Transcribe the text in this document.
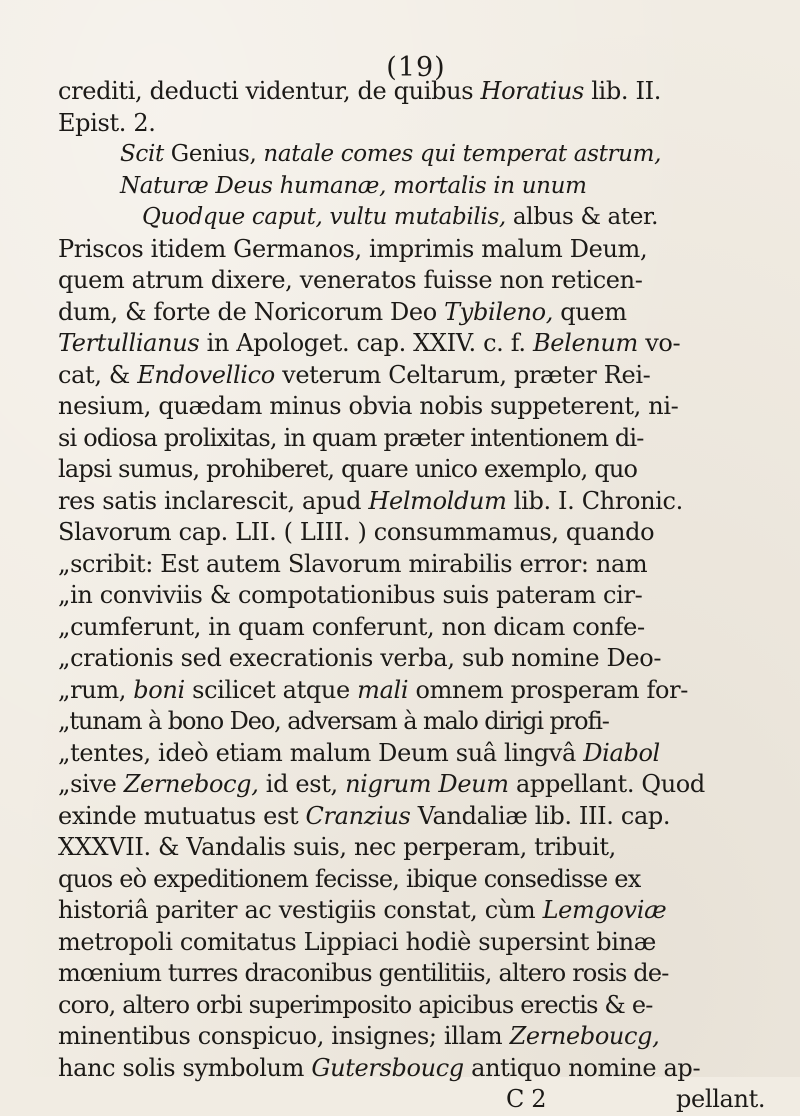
(19)
crediti, deducti videntur, de quibus Horatius lib. II.
Epist. 2.
Scit Genius, natale comes qui temperat astrum,
Naturæ Deus humanæ, mortalis in unum
Quodque caput, vultu mutabilis, albus & ater.
Priscos itidem Germanos, imprimis malum Deum,
quem atrum dixere, veneratos fuisse non reticen-
dum, & forte de Noricorum Deo Tybileno, quem
Tertullianus in Apologet. cap. XXIV. c. f. Belenum vo-
cat, & Endovellico veterum Celtarum, præter Rei-
nesium, quædam minus obvia nobis suppeterent, ni-
si odiosa prolixitas, in quam præter intentionem di-
lapsi sumus, prohiberet, quare unico exemplo, quo
res satis inclarescit, apud Helmoldum lib. I. Chronic.
Slavorum cap. LII. ( LIII. ) consummamus, quando
„scribit: Est autem Slavorum mirabilis error: nam
„in conviviis & compotationibus suis pateram cir-
„cumferunt, in quam conferunt, non dicam confe-
„crationis sed execrationis verba, sub nomine Deo-
„rum, boni scilicet atque mali omnem prosperam for-
„tunam à bono Deo, adversam à malo dirigi profi-
„tentes, ideò etiam malum Deum suâ lingvâ Diabol
„sive Zernebocg, id est, nigrum Deum appellant. Quod
exinde mutuatus est Cranzius Vandaliæ lib. III. cap.
XXXVII. & Vandalis suis, nec perperam, tribuit,
quos eò expeditionem fecisse, ibique consedisse ex
historiâ pariter ac vestigiis constat, cùm Lemgoviæ
metropoli comitatus Lippiaci hodiè supersint binæ
mœnium turres draconibus gentilitiis, altero rosis de-
coro, altero orbi superimposito apicibus erectis & e-
minentibus conspicuo, insignes; illam Zerneboucg,
hanc solis symbolum Gutersboucg antiquo nomine ap-
C 2	pellant.
